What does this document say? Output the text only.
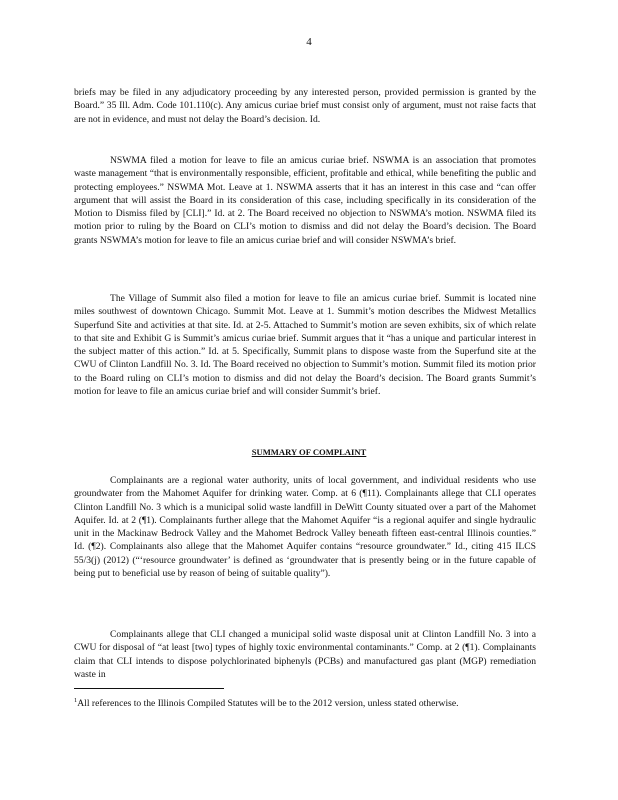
4

briefs may be filed in any adjudicatory proceeding by any interested person, provided permission is granted by the Board.” 35 Ill. Adm. Code 101.110(c). Any amicus curiae brief must consist only of argument, must not raise facts that are not in evidence, and must not delay the Board’s decision. Id.

NSWMA filed a motion for leave to file an amicus curiae brief. NSWMA is an association that promotes waste management “that is environmentally responsible, efficient, profitable and ethical, while benefiting the public and protecting employees.” NSWMA Mot. Leave at 1. NSWMA asserts that it has an interest in this case and “can offer argument that will assist the Board in its consideration of this case, including specifically in its consideration of the Motion to Dismiss filed by [CLI].” Id. at 2. The Board received no objection to NSWMA’s motion. NSWMA filed its motion prior to ruling by the Board on CLI’s motion to dismiss and did not delay the Board’s decision. The Board grants NSWMA’s motion for leave to file an amicus curiae brief and will consider NSWMA’s brief.

The Village of Summit also filed a motion for leave to file an amicus curiae brief. Summit is located nine miles southwest of downtown Chicago. Summit Mot. Leave at 1. Summit’s motion describes the Midwest Metallics Superfund Site and activities at that site. Id. at 2-5. Attached to Summit’s motion are seven exhibits, six of which relate to that site and Exhibit G is Summit’s amicus curiae brief. Summit argues that it “has a unique and particular interest in the subject matter of this action.” Id. at 5. Specifically, Summit plans to dispose waste from the Superfund site at the CWU of Clinton Landfill No. 3. Id. The Board received no objection to Summit’s motion. Summit filed its motion prior to the Board ruling on CLI’s motion to dismiss and did not delay the Board’s decision. The Board grants Summit’s motion for leave to file an amicus curiae brief and will consider Summit’s brief.

SUMMARY OF COMPLAINT

Complainants are a regional water authority, units of local government, and individual residents who use groundwater from the Mahomet Aquifer for drinking water. Comp. at 6 (¶11). Complainants allege that CLI operates Clinton Landfill No. 3 which is a municipal solid waste landfill in DeWitt County situated over a part of the Mahomet Aquifer. Id. at 2 (¶1). Complainants further allege that the Mahomet Aquifer “is a regional aquifer and single hydraulic unit in the Mackinaw Bedrock Valley and the Mahomet Bedrock Valley beneath fifteen east-central Illinois counties.” Id. (¶2). Complainants also allege that the Mahomet Aquifer contains “resource groundwater.” Id., citing 415 ILCS 55/3(j) (2012) (“‘resource groundwater’ is defined as ‘groundwater that is presently being or in the future capable of being put to beneficial use by reason of being of suitable quality”).

Complainants allege that CLI changed a municipal solid waste disposal unit at Clinton Landfill No. 3 into a CWU for disposal of “at least [two] types of highly toxic environmental contaminants.” Comp. at 2 (¶1). Complainants claim that CLI intends to dispose polychlorinated biphenyls (PCBs) and manufactured gas plant (MGP) remediation waste in

$^1$All references to the Illinois Compiled Statutes will be to the 2012 version, unless stated otherwise.
